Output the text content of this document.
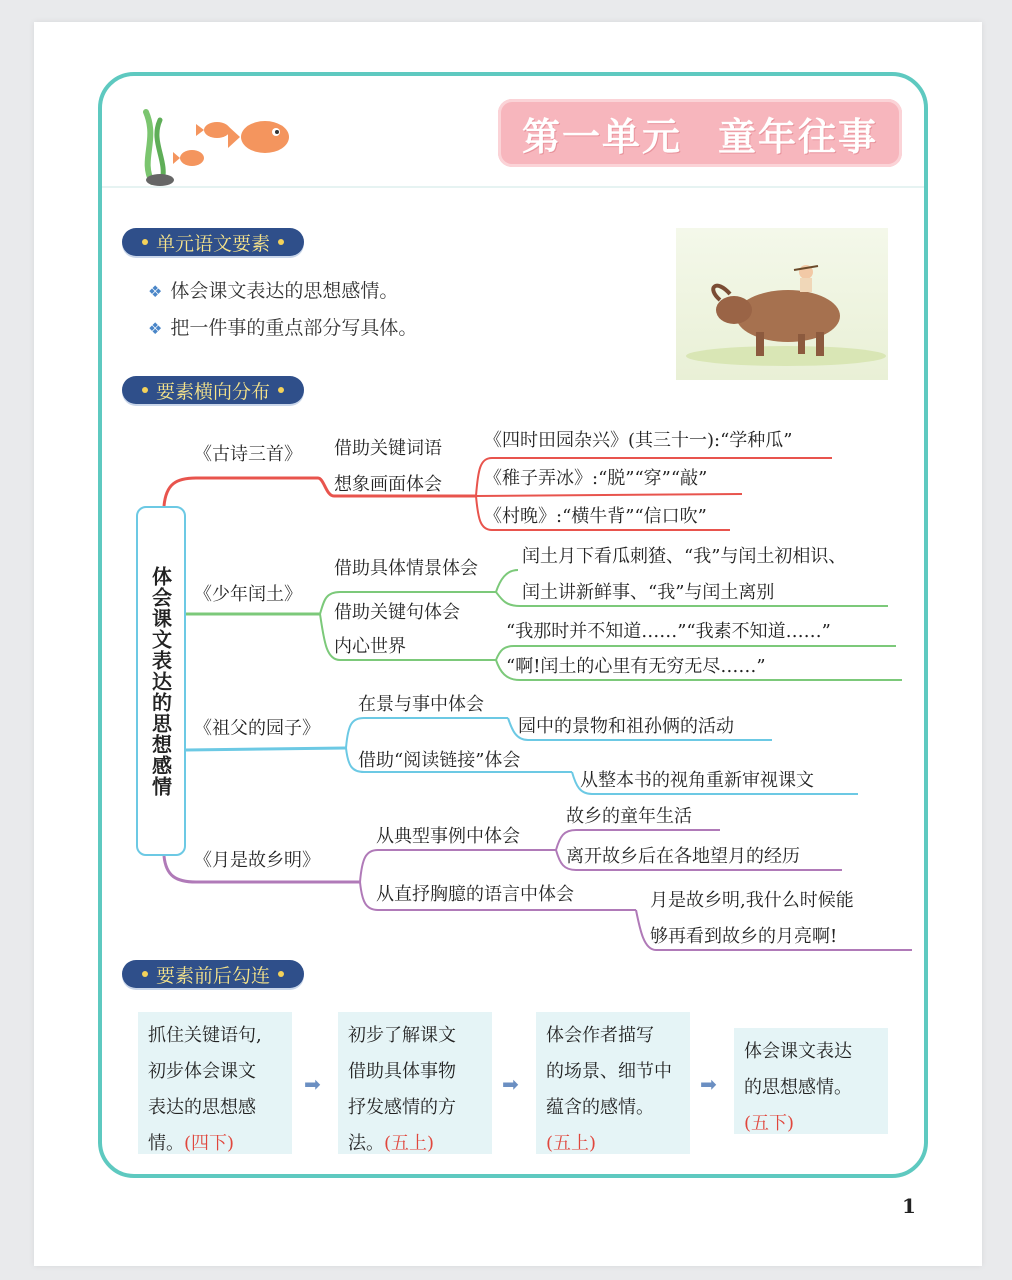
第一单元 童年往事
单元语文要素
❖ 体会课文表达的思想感情。
❖ 把一件事的重点部分写具体。
要素横向分布
体会课文表达的思想感情
《古诗三首》 借助关键词语
想象画面体会
《四时田园杂兴》(其三十一):“学种瓜”
《稚子弄冰》:“脱”“穿”“敲”
《村晚》:“横牛背”“信口吹”
《少年闰土》
借助具体情景体会
借助关键句体会
内心世界
闰土月下看瓜刺猹、“我”与闰土初相识、
闰土讲新鲜事、“我”与闰土离别
“我那时并不知道……”“我素不知道……”
“啊!闰土的心里有无穷无尽……”
《祖父的园子》
在景与事中体会
借助“阅读链接”体会
园中的景物和祖孙俩的活动
从整本书的视角重新审视课文
《月是故乡明》
从典型事例中体会
从直抒胸臆的语言中体会
故乡的童年生活
离开故乡后在各地望月的经历
月是故乡明,我什么时候能
够再看到故乡的月亮啊!
要素前后勾连
抓住关键语句,
初步体会课文
表达的思想感
情。(四下)
➡
初步了解课文
借助具体事物
抒发感情的方
法。(五上)
➡
体会作者描写
的场景、细节中
蕴含的感情。
(五上)
➡
体会课文表达
的思想感情。
(五下)
1
